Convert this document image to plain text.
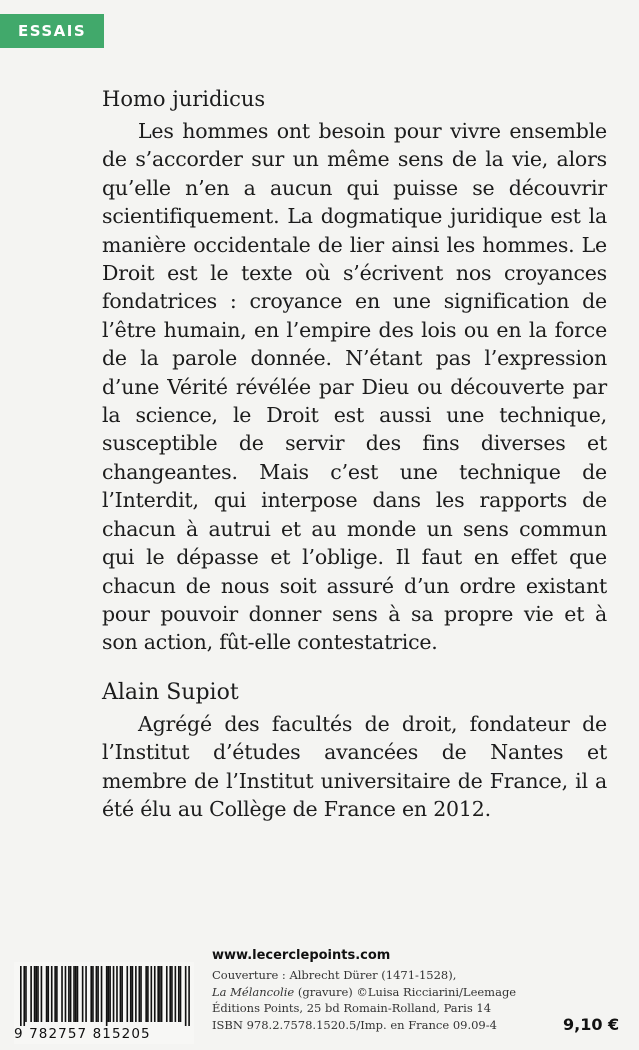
ESSAIS
Homo juridicus

Les hommes ont besoin pour vivre ensemble de s’accorder sur un même sens de la vie, alors qu’elle n’en a aucun qui puisse se découvrir scientifiquement. La dogmatique juridique est la manière occidentale de lier ainsi les hommes. Le Droit est le texte où s’écrivent nos croyances fondatrices : croyance en une signification de l’être humain, en l’empire des lois ou en la force de la parole donnée. N’étant pas l’expression d’une Vérité révélée par Dieu ou découverte par la science, le Droit est aussi une technique, susceptible de servir des fins diverses et changeantes. Mais c’est une technique de l’Interdit, qui interpose dans les rapports de chacun à autrui et au monde un sens commun qui le dépasse et l’oblige. Il faut en effet que chacun de nous soit assuré d’un ordre existant pour pouvoir donner sens à sa propre vie et à son action, fût-elle contestatrice.

Alain Supiot

Agrégé des facultés de droit, fondateur de l’Institut d’études avancées de Nantes et membre de l’Institut universitaire de France, il a été élu au Collège de France en 2012.

9 782757 815205
www.lecerclepoints.com
Couverture : Albrecht Dürer (1471-1528),
La Mélancolie (gravure) ©Luisa Ricciarini/Leemage
Éditions Points, 25 bd Romain-Rolland, Paris 14
ISBN 978.2.7578.1520.5/Imp. en France 09.09-4	9,10 €
